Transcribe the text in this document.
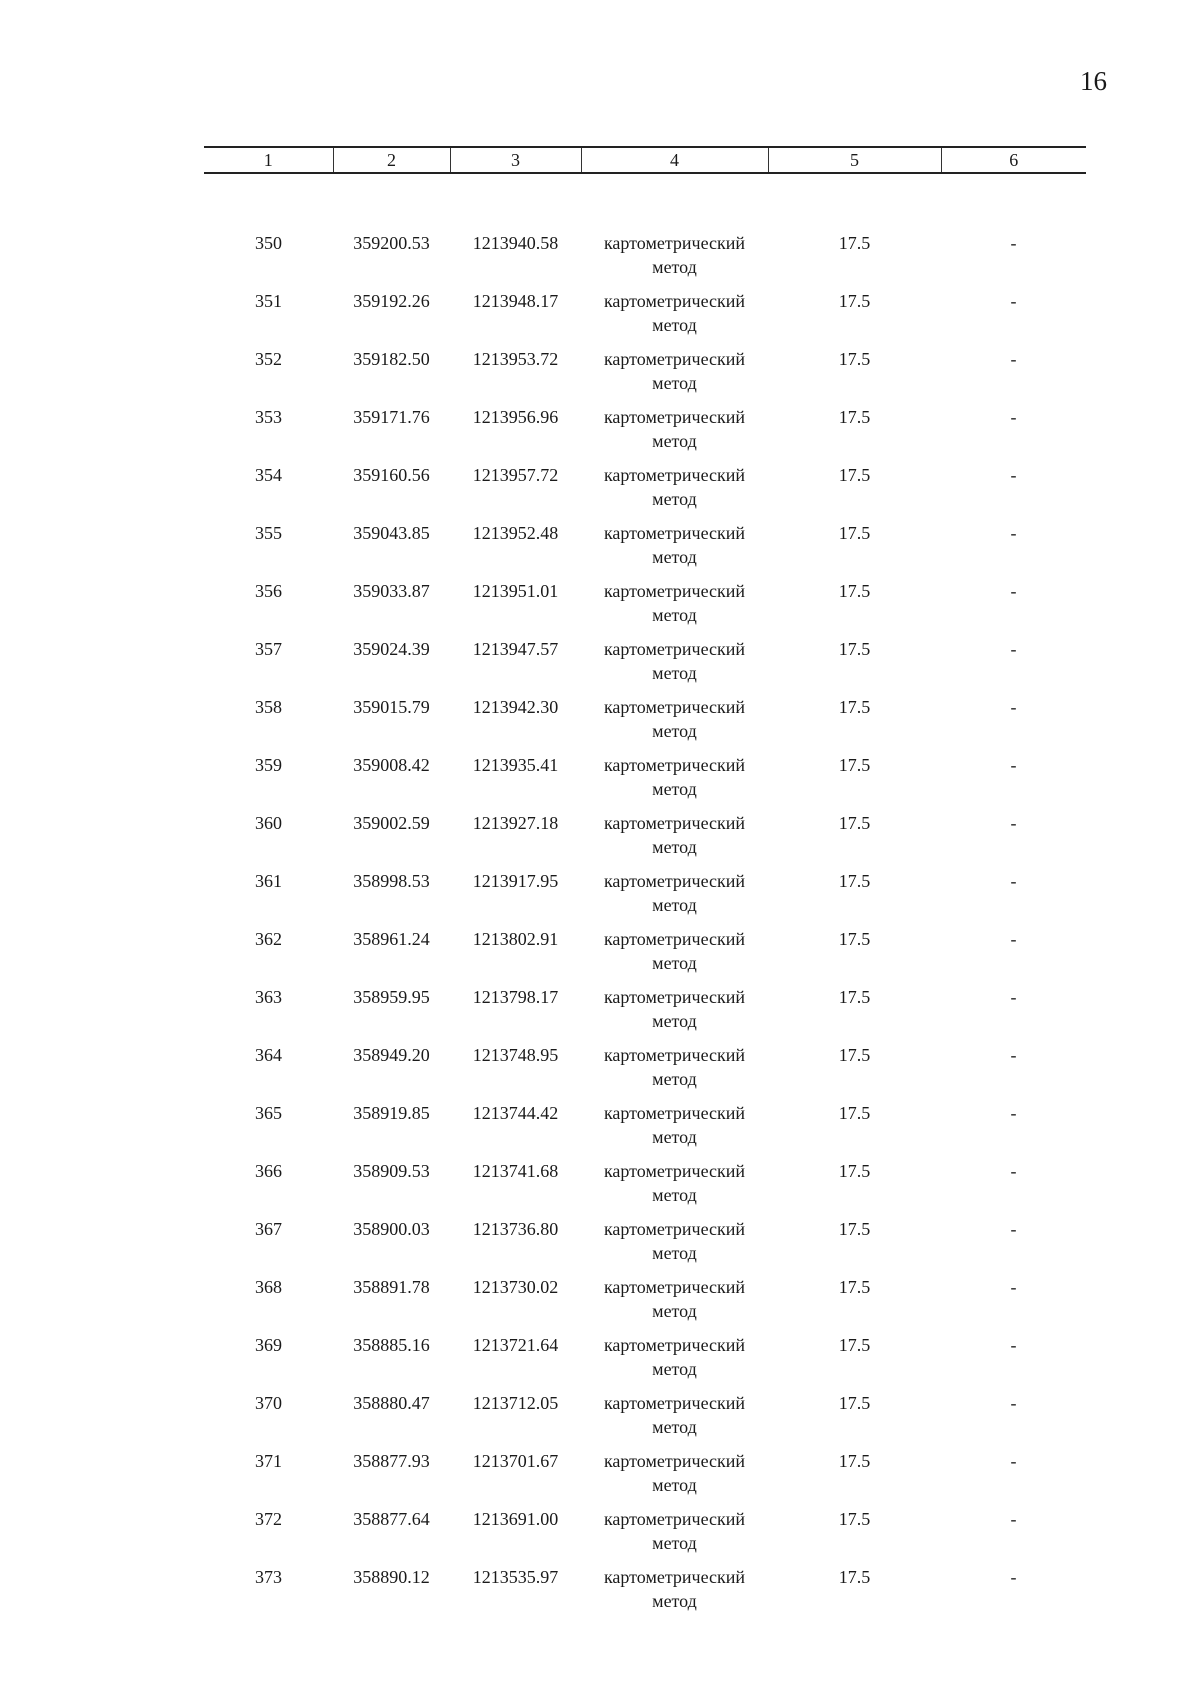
16
1	2	3	4	5	6

350	359200.53	1213940.58	картометрический
метод	17.5	-
351	359192.26	1213948.17	картометрический
метод	17.5	-
352	359182.50	1213953.72	картометрический
метод	17.5	-
353	359171.76	1213956.96	картометрический
метод	17.5	-
354	359160.56	1213957.72	картометрический
метод	17.5	-
355	359043.85	1213952.48	картометрический
метод	17.5	-
356	359033.87	1213951.01	картометрический
метод	17.5	-
357	359024.39	1213947.57	картометрический
метод	17.5	-
358	359015.79	1213942.30	картометрический
метод	17.5	-
359	359008.42	1213935.41	картометрический
метод	17.5	-
360	359002.59	1213927.18	картометрический
метод	17.5	-
361	358998.53	1213917.95	картометрический
метод	17.5	-
362	358961.24	1213802.91	картометрический
метод	17.5	-
363	358959.95	1213798.17	картометрический
метод	17.5	-
364	358949.20	1213748.95	картометрический
метод	17.5	-
365	358919.85	1213744.42	картометрический
метод	17.5	-
366	358909.53	1213741.68	картометрический
метод	17.5	-
367	358900.03	1213736.80	картометрический
метод	17.5	-
368	358891.78	1213730.02	картометрический
метод	17.5	-
369	358885.16	1213721.64	картометрический
метод	17.5	-
370	358880.47	1213712.05	картометрический
метод	17.5	-
371	358877.93	1213701.67	картометрический
метод	17.5	-
372	358877.64	1213691.00	картометрический
метод	17.5	-
373	358890.12	1213535.97	картометрический
метод	17.5	-
